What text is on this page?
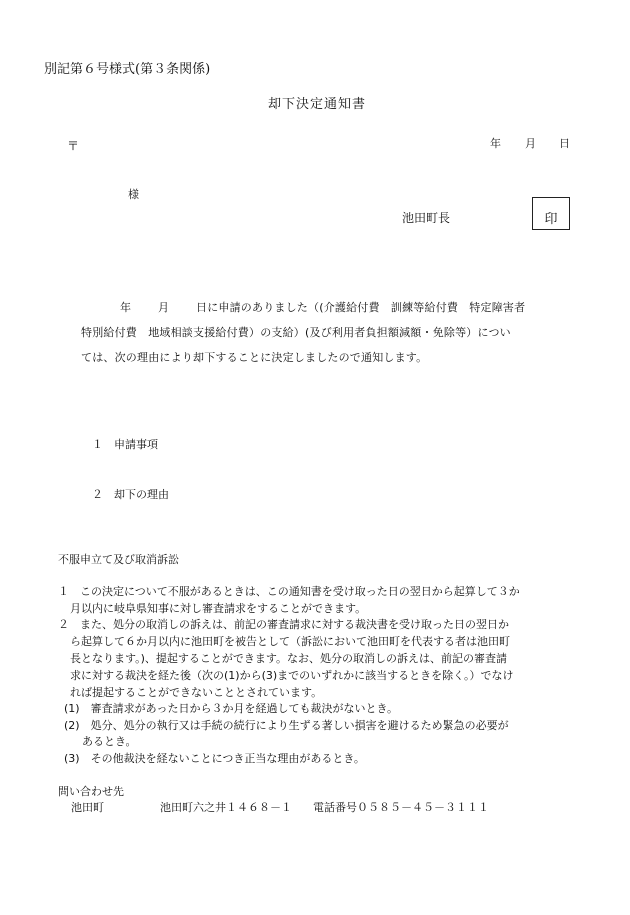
別記第６号様式(第３条関係)
却下決定通知書
〒	年 月 日
様
池田町長	印
年 月 日に申請のありました（(介護給付費　訓練等給付費　特定障害者
特別給付費　地域相談支援給付費）の支給）(及び利用者負担額減額・免除等）につい
ては、次の理由により却下することに決定しましたので通知します。
１　申請事項
２　却下の理由
不服申立て及び取消訴訟
１　この決定について不服があるときは、この通知書を受け取った日の翌日から起算して３か
月以内に岐阜県知事に対し審査請求をすることができます。
２　また、処分の取消しの訴えは、前記の審査請求に対する裁決書を受け取った日の翌日か
ら起算して６か月以内に池田町を被告として（訴訟において池田町を代表する者は池田町
長となります。)、提起することができます。なお、処分の取消しの訴えは、前記の審査請
求に対する裁決を経た後（次の(1)から(3)までのいずれかに該当するときを除く。）でなけ
れば提起することができないこととされています。
(1)　審査請求があった日から３か月を経過しても裁決がないとき。
(2)　処分、処分の執行又は手続の続行により生ずる著しい損害を避けるため緊急の必要が
あるとき。
(3)　その他裁決を経ないことにつき正当な理由があるとき。
問い合わせ先
池田町	池田町六之井１４６８－１ 電話番号０５８５－４５－３１１１
